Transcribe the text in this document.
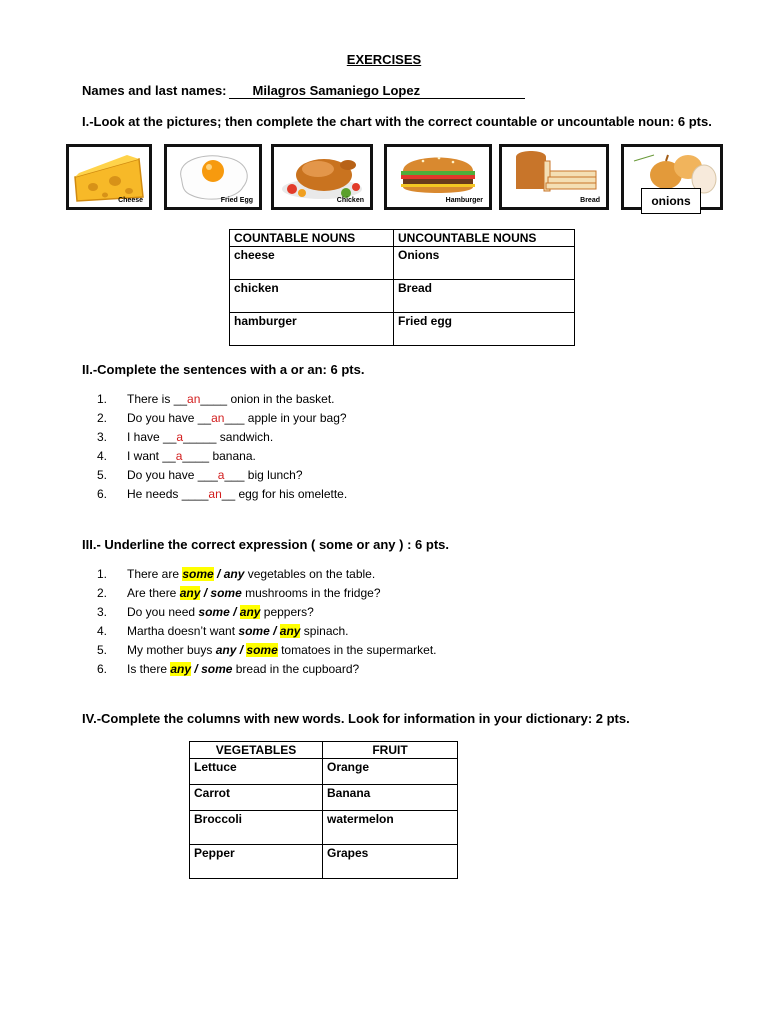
EXERCISES
Names and last names: Milagros Samaniego Lopez
I.-Look at the pictures; then complete the chart with the correct countable or uncountable noun: 6 pts.
Cheese	Fried Egg	Chicken	Hamburger	Bread	onions
COUNTABLE NOUNS	UNCOUNTABLE NOUNS
cheese	Onions
chicken	Bread
hamburger	Fried egg
II.-Complete the sentences with a or an: 6 pts.
1. There is __an____ onion in the basket.
2. Do you have __an___ apple in your bag?
3. I have __a_____ sandwich.
4. I want __a____ banana.
5. Do you have ___a___ big lunch?
6. He needs ____an__ egg for his omelette.
III.- Underline the correct expression ( some or any ) : 6 pts.
1. There are some / any vegetables on the table.
2. Are there any / some mushrooms in the fridge?
3. Do you need some / any peppers?
4. Martha doesn’t want some / any spinach.
5. My mother buys any / some tomatoes in the supermarket.
6. Is there any / some bread in the cupboard?
IV.-Complete the columns with new words. Look for information in your dictionary: 2 pts.
VEGETABLES	FRUIT
Lettuce	Orange
Carrot	Banana
Broccoli	watermelon
Pepper	Grapes
